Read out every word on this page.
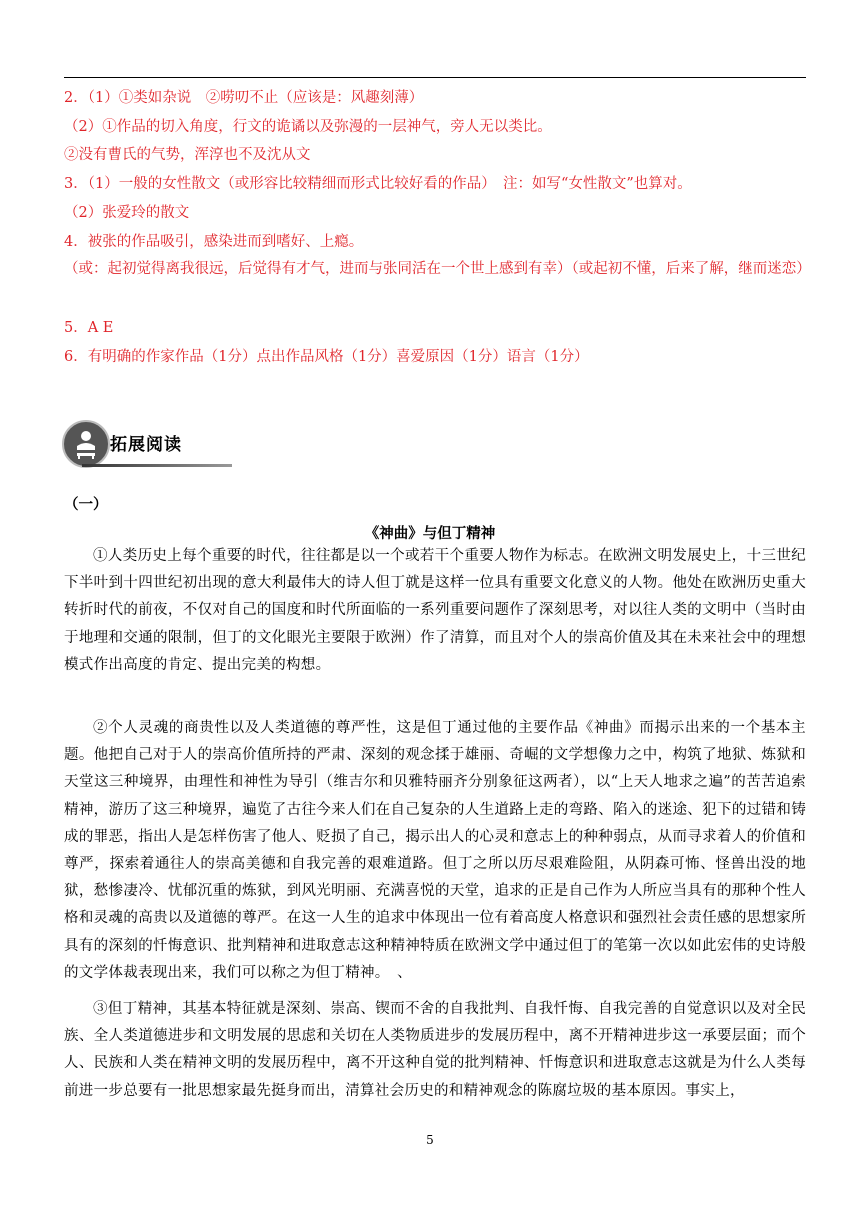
2．（1）①类如杂说　②唠叨不止（应该是：风趣刻薄）
（2）①作品的切入角度，行文的诡谲以及弥漫的一层神气，旁人无以类比。
②没有曹氏的气势，浑淳也不及沈从文
3．（1）一般的女性散文（或形容比较精细而形式比较好看的作品）　注：如写“女性散文”也算对。
（2）张爱玲的散文
4．被张的作品吸引，感染进而到嗜好、上瘾。
（或：起初觉得离我很远，后觉得有才气，进而与张同活在一个世上感到有幸）（或起初不懂，后来了解，继而迷恋）
5．A E
6．有明确的作家作品（1分）点出作品风格（1分）喜爱原因（1分）语言（1分）
拓展阅读
（一）
《神曲》与但丁精神
①人类历史上每个重要的时代，往往都是以一个或若干个重要人物作为标志。在欧洲文明发展史上，十三世纪下半叶到十四世纪初出现的意大利最伟大的诗人但丁就是这样一位具有重要文化意义的人物。他处在欧洲历史重大转折时代的前夜，不仅对自己的国度和时代所面临的一系列重要问题作了深刻思考，对以往人类的文明中（当时由于地理和交通的限制，但丁的文化眼光主要限于欧洲）作了清算，而且对个人的崇高价值及其在未来社会中的理想模式作出高度的肯定、提出完美的构想。
②个人灵魂的商贵性以及人类道德的尊严性，这是但丁通过他的主要作品《神曲》而揭示出来的一个基本主题。他把自己对于人的崇高价值所持的严肃、深刻的观念揉于雄丽、奇崛的文学想像力之中，构筑了地狱、炼狱和天堂这三种境界，由理性和神性为导引（维吉尔和贝雅特丽齐分别象征这两者），以“上天人地求之遍”的苦苦追索精神，游历了这三种境界，遍览了古往今来人们在自己复杂的人生道路上走的弯路、陷入的迷途、犯下的过错和铸成的罪恶，指出人是怎样伤害了他人、贬损了自己，揭示出人的心灵和意志上的种种弱点，从而寻求着人的价值和尊严，探索着通往人的崇高美德和自我完善的艰难道路。但丁之所以历尽艰难险阻，从阴森可怖、怪兽出没的地狱，愁惨凄冷、忧郁沉重的炼狱，到风光明丽、充满喜悦的天堂，追求的正是自己作为人所应当具有的那种个性人格和灵魂的高贵以及道德的尊严。在这一人生的追求中体现出一位有着高度人格意识和强烈社会责任感的思想家所具有的深刻的忏悔意识、批判精神和进取意志这种精神特质在欧洲文学中通过但丁的笔第一次以如此宏伟的史诗般的文学体裁表现出来，我们可以称之为但丁精神。　、
③但丁精神，其基本特征就是深刻、崇高、锲而不舍的自我批判、自我忏悔、自我完善的自觉意识以及对全民族、全人类道德进步和文明发展的思虑和关切在人类物质进步的发展历程中，离不开精神进步这一承要层面；而个人、民族和人类在精神文明的发展历程中，离不开这种自觉的批判精神、忏悔意识和进取意志这就是为什么人类每前进一步总要有一批思想家最先挺身而出，清算社会历史的和精神观念的陈腐垃圾的基本原因。事实上，
5
